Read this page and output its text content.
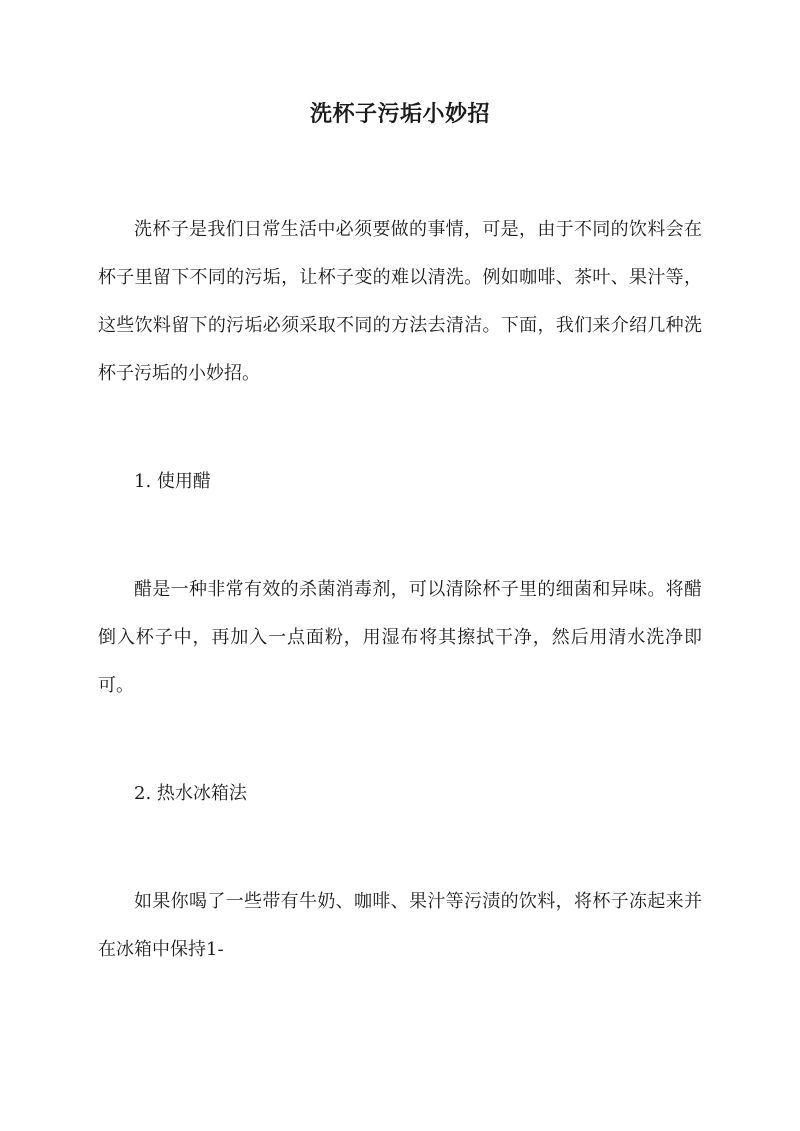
洗杯子污垢小妙招

洗杯子是我们日常生活中必须要做的事情，可是，由于不同的饮料会在杯子里留下不同的污垢，让杯子变的难以清洗。例如咖啡、茶叶、果汁等，这些饮料留下的污垢必须采取不同的方法去清洁。下面，我们来介绍几种洗杯子污垢的小妙招。

1. 使用醋

醋是一种非常有效的杀菌消毒剂，可以清除杯子里的细菌和异味。将醋倒入杯子中，再加入一点面粉，用湿布将其擦拭干净，然后用清水洗净即可。

2. 热水冰箱法

如果你喝了一些带有牛奶、咖啡、果汁等污渍的饮料，将杯子冻起来并在冰箱中保持1-
